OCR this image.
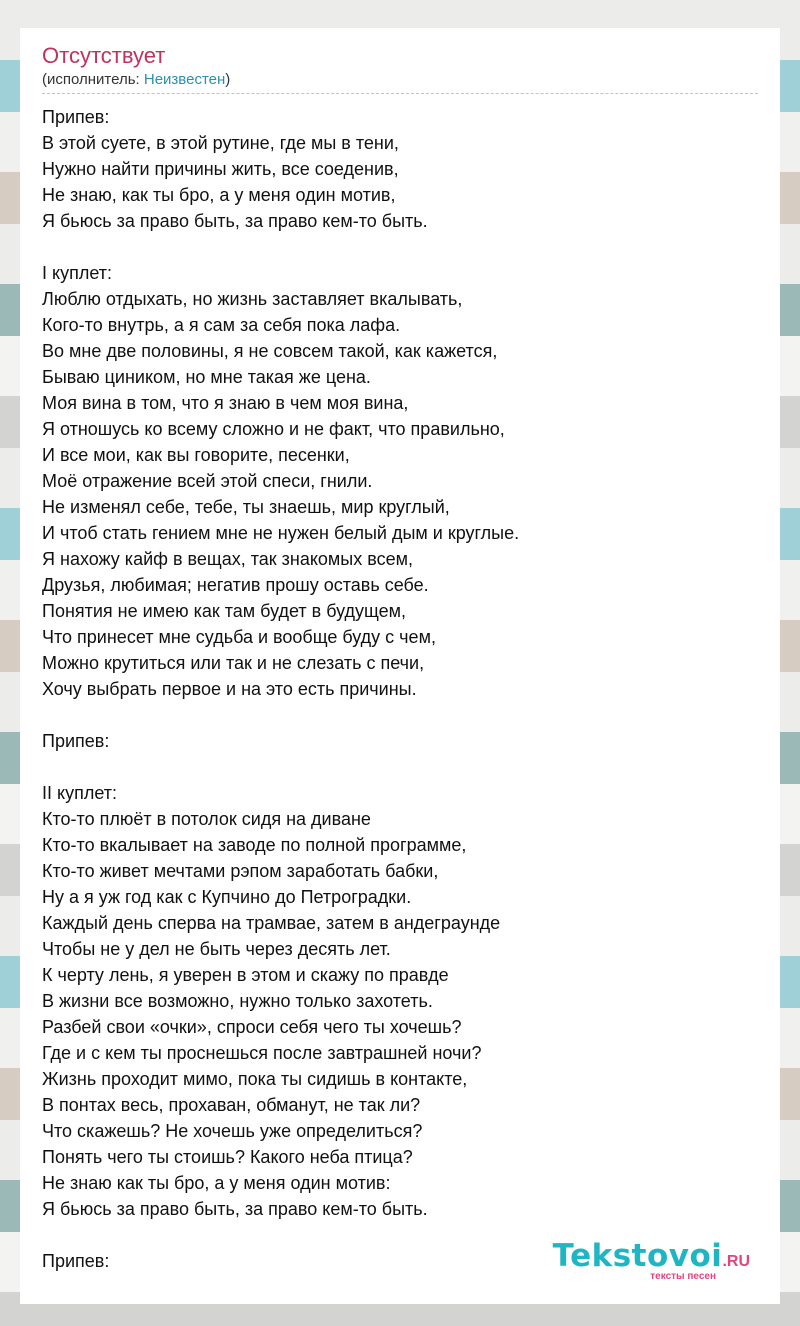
Отсутствует
(исполнитель: Неизвестен)
Припев:
В этой суете, в этой рутине, где мы в тени,
Нужно найти причины жить, все соеденив,
Не знаю, как ты бро, а у меня один мотив,
Я бьюсь за право быть, за право кем-то быть.
I куплет:
Люблю отдыхать, но жизнь заставляет вкалывать,
Кого-то внутрь, а я сам за себя пока лафа.
Во мне две половины, я не совсем такой, как кажется,
Бываю циником, но мне такая же цена.
Моя вина в том, что я знаю в чем моя вина,
Я отношусь ко всему сложно и не факт, что правильно,
И все мои, как вы говорите, песенки,
Моё отражение всей этой спеси, гнили.
Не изменял себе, тебе, ты знаешь, мир круглый,
И чтоб стать гением мне не нужен белый дым и круглые.
Я нахожу кайф в вещах, так знакомых всем,
Друзья, любимая; негатив прошу оставь себе.
Понятия не имею как там будет в будущем,
Что принесет мне судьба и вообще буду с чем,
Можно крутиться или так и не слезать с печи,
Хочу выбрать первое и на это есть причины.
Припев:
II куплет:
Кто-то плюёт в потолок сидя на диване
Кто-то вкалывает на заводе по полной программе,
Кто-то живет мечтами рэпом заработать бабки,
Ну а я уж год как с Купчино до Петроградки.
Каждый день сперва на трамвае, затем в андеграунде
Чтобы не у дел не быть через десять лет.
К черту лень, я уверен в этом и скажу по правде
В жизни все возможно, нужно только захотеть.
Разбей свои «очки», спроси себя чего ты хочешь?
Где и с кем ты проснешься после завтрашней ночи?
Жизнь проходит мимо, пока ты сидишь в контакте,
В понтах весь, прохаван, обманут, не так ли?
Что скажешь? Не хочешь уже определиться?
Понять чего ты стоишь? Какого неба птица?
Не знаю как ты бро, а у меня один мотив:
Я бьюсь за право быть, за право кем-то быть.
Припев:	Tekstovoi.RU
тексты песен
